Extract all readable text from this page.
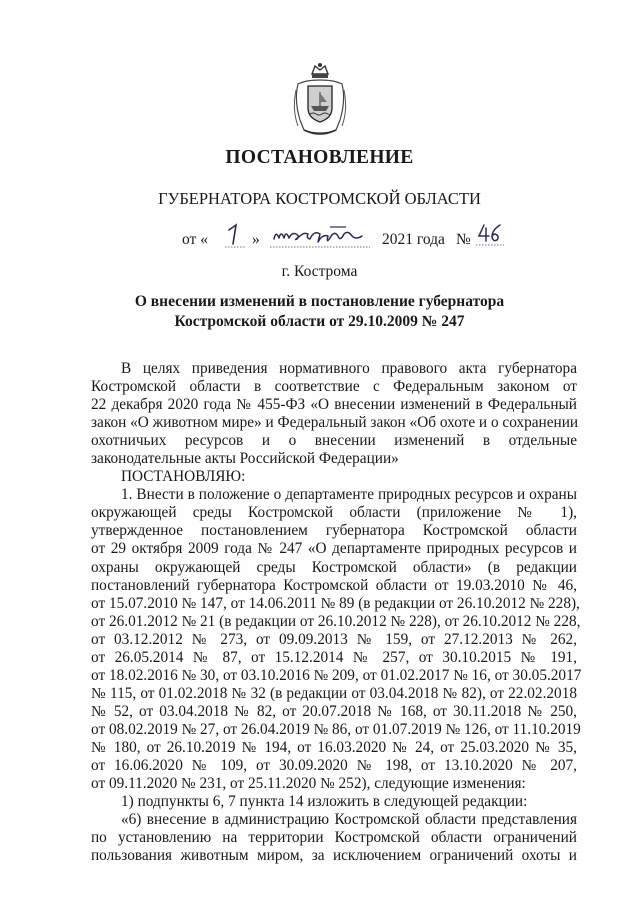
ПОСТАНОВЛЕНИЕ
ГУБЕРНАТОРА КОСТРОМСКОЙ ОБЛАСТИ
от «	»	2021 года №
г. Кострома
О внесении изменений в постановление губернатора
Костромской области от 29.10.2009 № 247
В целях приведения нормативного правового акта губернатора
Костромской области в соответствие с Федеральным законом от
22 декабря 2020 года № 455-ФЗ «О внесении изменений в Федеральный
закон «О животном мире» и Федеральный закон «Об охоте и о сохранении
охотничьих ресурсов и о внесении изменений в отдельные
законодательные акты Российской Федерации»
ПОСТАНОВЛЯЮ:
1. Внести в положение о департаменте природных ресурсов и охраны
окружающей среды Костромской области (приложение № 1),
утвержденное постановлением губернатора Костромской области
от 29 октября 2009 года № 247 «О департаменте природных ресурсов и
охраны окружающей среды Костромской области» (в редакции
постановлений губернатора Костромской области от 19.03.2010 № 46,
от 15.07.2010 № 147, от 14.06.2011 № 89 (в редакции от 26.10.2012 № 228),
от 26.01.2012 № 21 (в редакции от 26.10.2012 № 228), от 26.10.2012 № 228,
от 03.12.2012 № 273, от 09.09.2013 № 159, от 27.12.2013 № 262,
от 26.05.2014 № 87, от 15.12.2014 № 257, от 30.10.2015 № 191,
от 18.02.2016 № 30, от 03.10.2016 № 209, от 01.02.2017 № 16, от 30.05.2017
№ 115, от 01.02.2018 № 32 (в редакции от 03.04.2018 № 82), от 22.02.2018
№ 52, от 03.04.2018 № 82, от 20.07.2018 № 168, от 30.11.2018 № 250,
от 08.02.2019 № 27, от 26.04.2019 № 86, от 01.07.2019 № 126, от 11.10.2019
№ 180, от 26.10.2019 № 194, от 16.03.2020 № 24, от 25.03.2020 № 35,
от 16.06.2020 № 109, от 30.09.2020 № 198, от 13.10.2020 № 207,
от 09.11.2020 № 231, от 25.11.2020 № 252), следующие изменения:
1) подпункты 6, 7 пункта 14 изложить в следующей редакции:
«6) внесение в администрацию Костромской области представления
по установлению на территории Костромской области ограничений
пользования животным миром, за исключением ограничений охоты и
